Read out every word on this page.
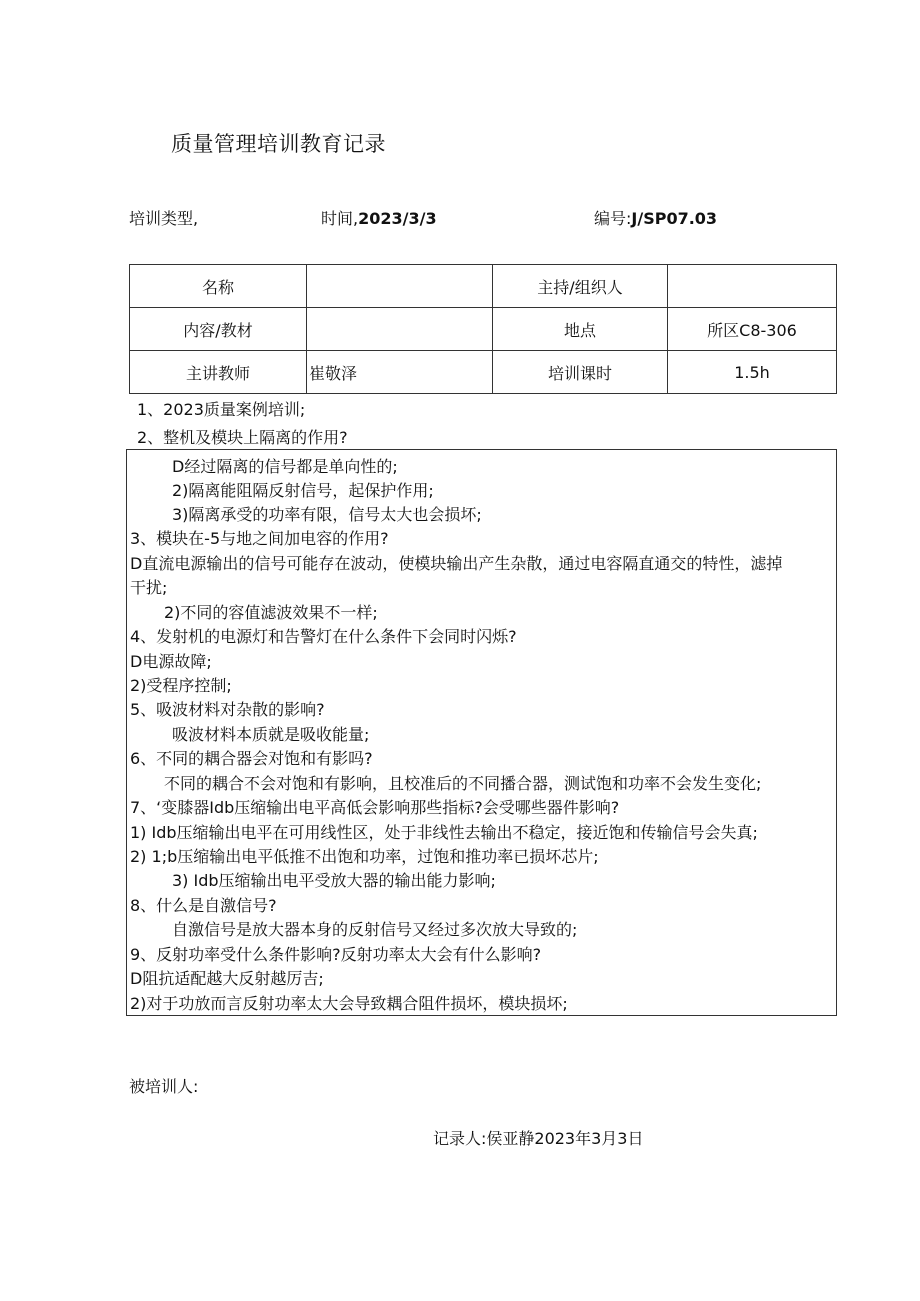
质量管理培训教育记录
培训类型,	时间,2023/3/3	编号:J/SP07.03
名称		主持/组织人	
内容/教材		地点	所区C8-306
主讲教师	崔敬泽	培训课时	1.5h
1、2023质量案例培训;
2、整机及模块上隔离的作用?
D经过隔离的信号都是单向性的;
2)隔离能阻隔反射信号，起保护作用;
3)隔离承受的功率有限，信号太大也会损坏;
3、模块在-5与地之间加电容的作用?
D直流电源输出的信号可能存在波动，使模块输出产生杂散，通过电容隔直通交的特性，滤掉
干扰;
2)不同的容值滤波效果不一样;
4、发射机的电源灯和告警灯在什么条件下会同时闪烁?
D电源故障;
2)受程序控制;
5、吸波材料对杂散的影响?
吸波材料本质就是吸收能量;
6、不同的耦合器会对饱和有影吗?
不同的耦合不会对饱和有影响，且校准后的不同播合器，测试饱和功率不会发生变化;
7、‘变膝器Idb压缩输出电平高低会影响那些指标?会受哪些器件影响?
1) Idb压缩输出电平在可用线性区，处于非线性去输出不稳定，接近饱和传输信号会失真;
2) 1;b压缩输出电平低推不出饱和功率，过饱和推功率已损坏芯片;
3) Idb压缩输出电平受放大器的输出能力影响;
8、什么是自激信号?
自激信号是放大器本身的反射信号又经过多次放大导致的;
9、反射功率受什么条件影响?反射功率太大会有什么影响?
D阻抗适配越大反射越厉吉;
2)对于功放而言反射功率太大会导致耦合阻件损坏，模块损坏;
被培训人:
记录人:侯亚静2023年3月3日
